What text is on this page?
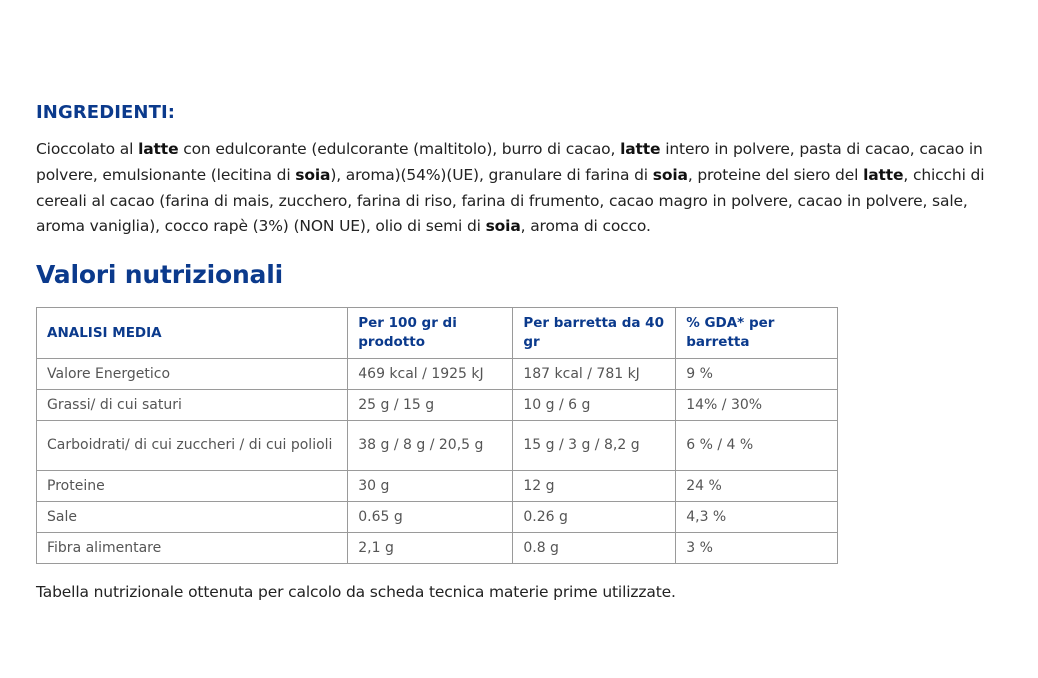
INGREDIENTI:

Cioccolato al latte con edulcorante (edulcorante (maltitolo), burro di cacao, latte intero in polvere, pasta di cacao, cacao in polvere, emulsionante (lecitina di soia), aroma)(54%)(UE), granulare di farina di soia, proteine del siero del latte, chicchi di cereali al cacao (farina di mais, zucchero, farina di riso, farina di frumento, cacao magro in polvere, cacao in polvere, sale, aroma vaniglia), cocco rapè (3%) (NON UE), olio di semi di soia, aroma di cocco.

Valori nutrizionali
ANALISI MEDIA	Per 100 gr di prodotto	Per barretta da 40 gr	% GDA* per barretta
Valore Energetico	469 kcal / 1925 kJ	187 kcal / 781 kJ	9 %
Grassi/ di cui saturi	25 g / 15 g	10 g / 6 g	14% / 30%
Carboidrati/ di cui zuccheri / di cui polioli	38 g / 8 g / 20,5 g	15 g / 3 g / 8,2 g	6 % / 4 %
Proteine	30 g	12 g	24 %
Sale	0.65 g	0.26 g	4,3 %
Fibra alimentare	2,1 g	0.8 g	3 %

Tabella nutrizionale ottenuta per calcolo da scheda tecnica materie prime utilizzate.
